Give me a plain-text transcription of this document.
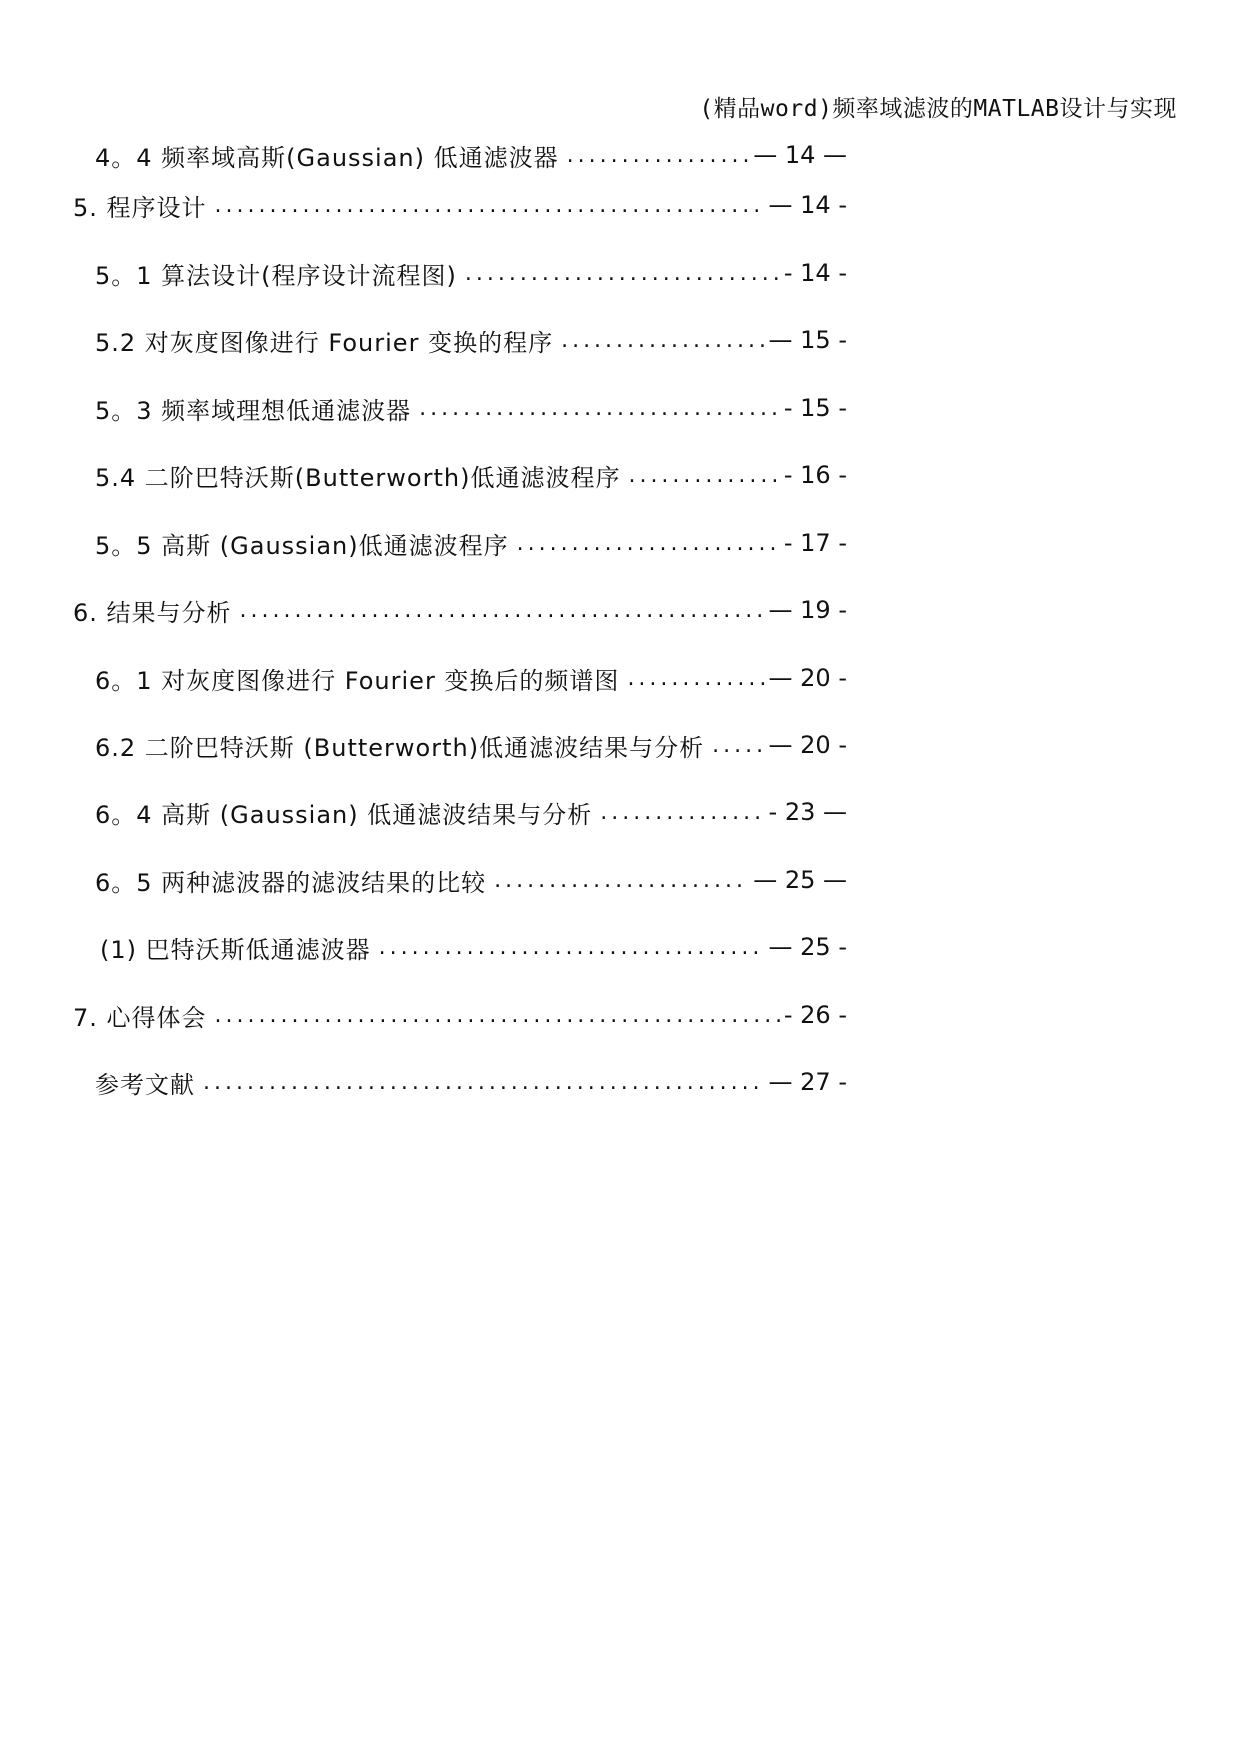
(精品word)频率域滤波的MATLAB设计与实现
4。4 频率域高斯(Gaussian) 低通滤波器 .....	— 14 —
5. 程序设计 .....	— 14 -
5。1 算法设计(程序设计流程图) .....	- 14 -
5.2 对灰度图像进行 Fourier 变换的程序 .....	— 15 -
5。3 频率域理想低通滤波器 .....	- 15 -
5.4 二阶巴特沃斯(Butterworth)低通滤波程序 .....	- 16 -
5。5 高斯 (Gaussian)低通滤波程序 .....	- 17 -
6. 结果与分析 .....	— 19 -
6。1 对灰度图像进行 Fourier 变换后的频谱图 .....	— 20 -
6.2 二阶巴特沃斯 (Butterworth)低通滤波结果与分析 .....	— 20 -
6。4 高斯 (Gaussian) 低通滤波结果与分析 .....	- 23 —
6。5 两种滤波器的滤波结果的比较 .....	— 25 —
(1) 巴特沃斯低通滤波器 .....	— 25 -
7. 心得体会 .....	- 26 -
参考文献 .....	— 27 -
